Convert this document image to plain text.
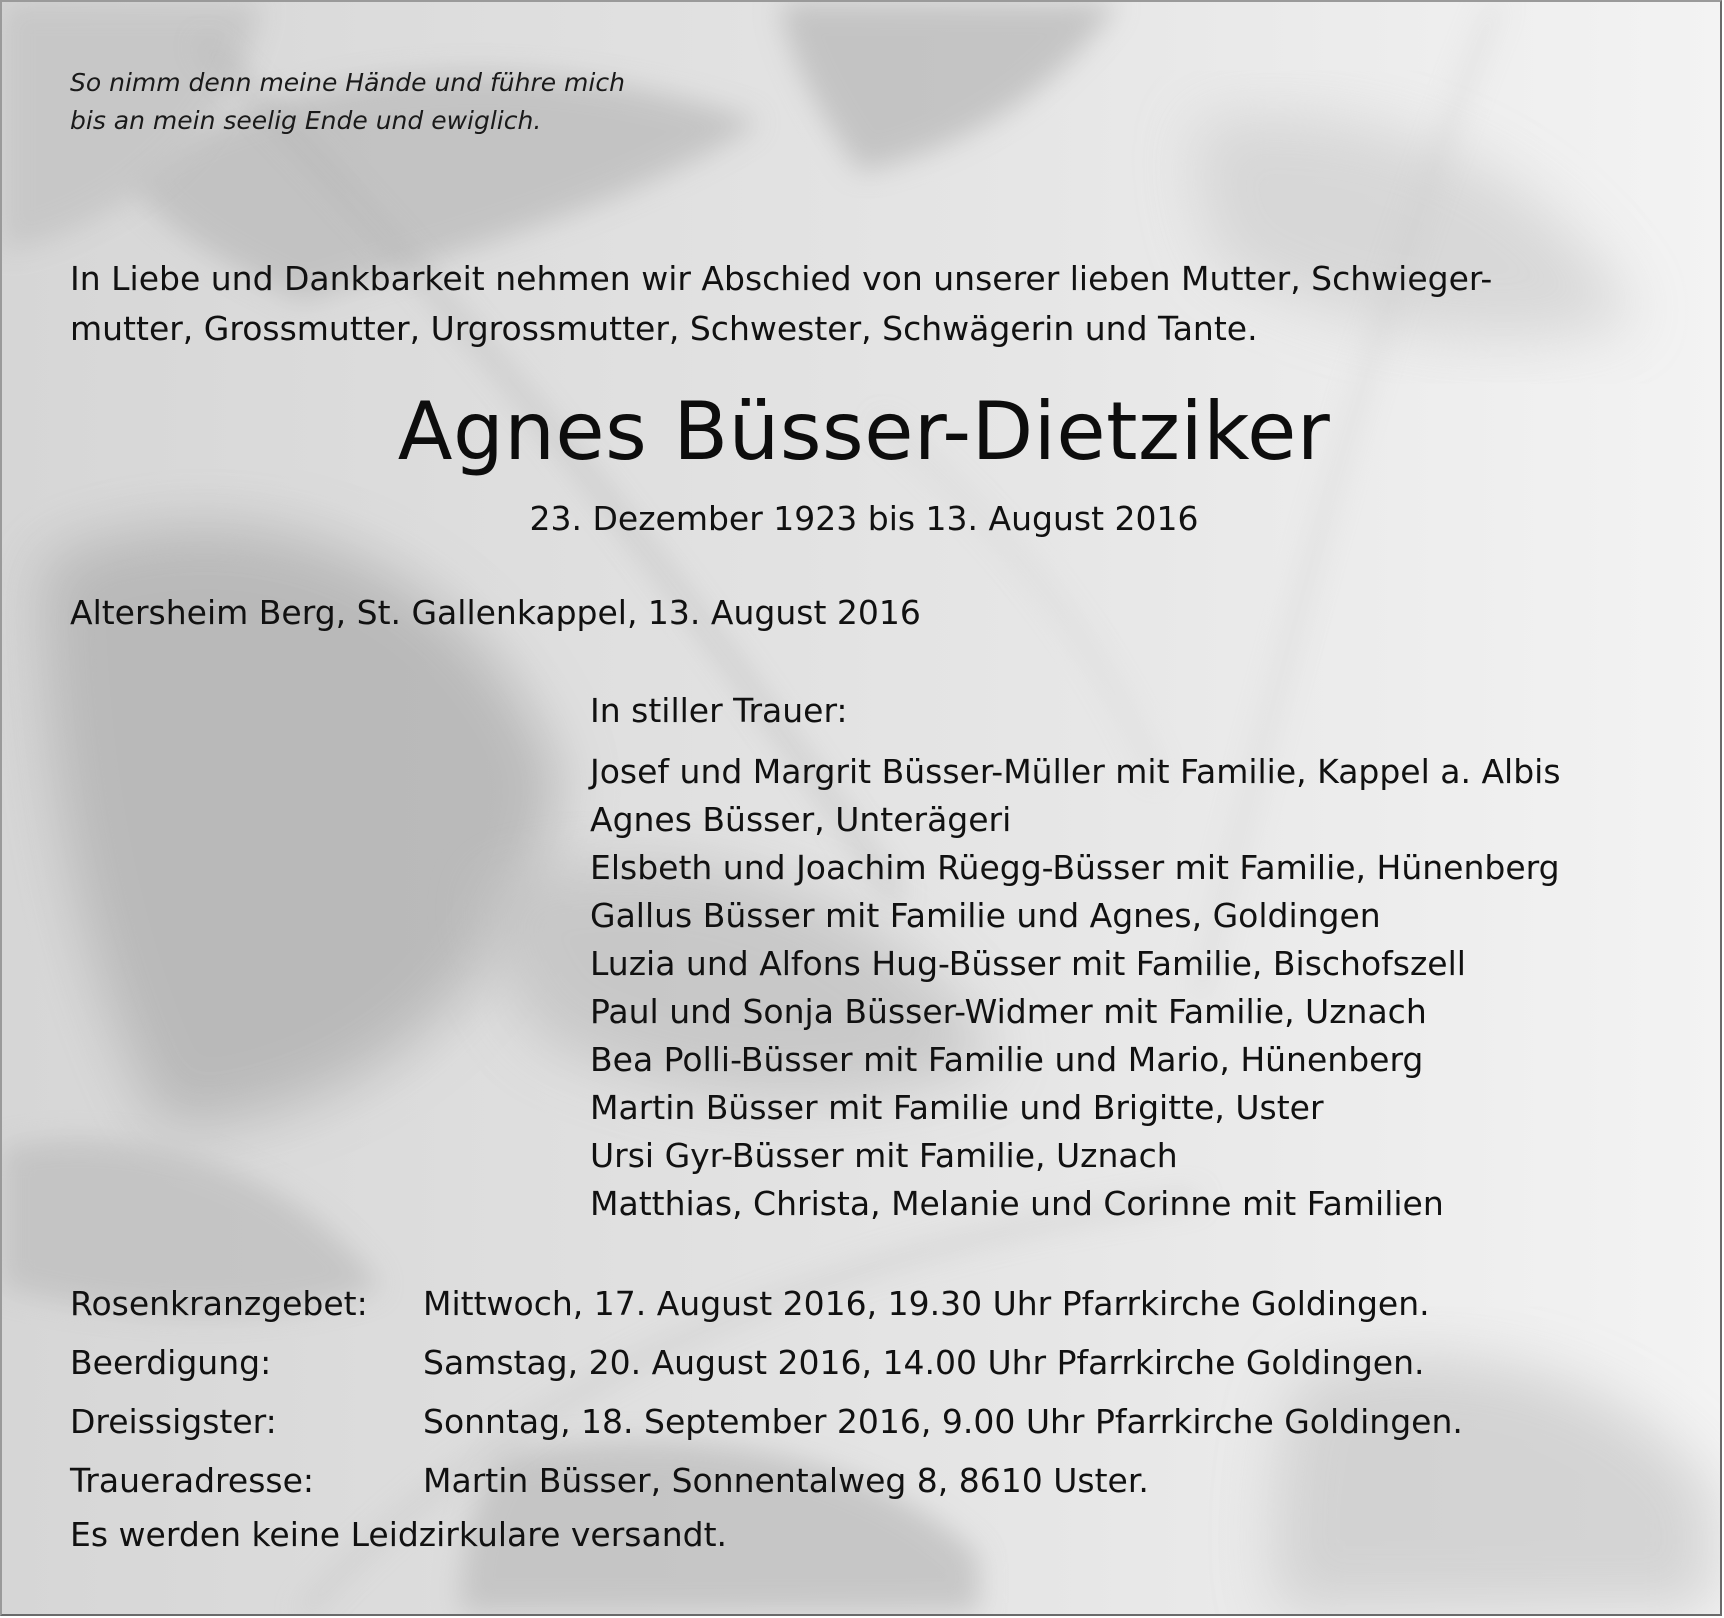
So nimm denn meine Hände und führe mich
bis an mein seelig Ende und ewiglich.
In Liebe und Dankbarkeit nehmen wir Abschied von unserer lieben Mutter, Schwieger-
mutter, Grossmutter, Urgrossmutter, Schwester, Schwägerin und Tante.
Agnes Büsser-Dietziker
23. Dezember 1923 bis 13. August 2016
Altersheim Berg, St. Gallenkappel, 13. August 2016
In stiller Trauer:
Josef und Margrit Büsser-Müller mit Familie, Kappel a. Albis
Agnes Büsser, Unterägeri
Elsbeth und Joachim Rüegg-Büsser mit Familie, Hünenberg
Gallus Büsser mit Familie und Agnes, Goldingen
Luzia und Alfons Hug-Büsser mit Familie, Bischofszell
Paul und Sonja Büsser-Widmer mit Familie, Uznach
Bea Polli-Büsser mit Familie und Mario, Hünenberg
Martin Büsser mit Familie und Brigitte, Uster
Ursi Gyr-Büsser mit Familie, Uznach
Matthias, Christa, Melanie und Corinne mit Familien
Rosenkranzgebet: Mittwoch, 17. August 2016, 19.30 Uhr Pfarrkirche Goldingen.
Beerdigung:	Samstag, 20. August 2016, 14.00 Uhr Pfarrkirche Goldingen.
Dreissigster:	Sonntag, 18. September 2016, 9.00 Uhr Pfarrkirche Goldingen.
Traueradresse:	Martin Büsser, Sonnentalweg 8, 8610 Uster.
Es werden keine Leidzirkulare versandt.
